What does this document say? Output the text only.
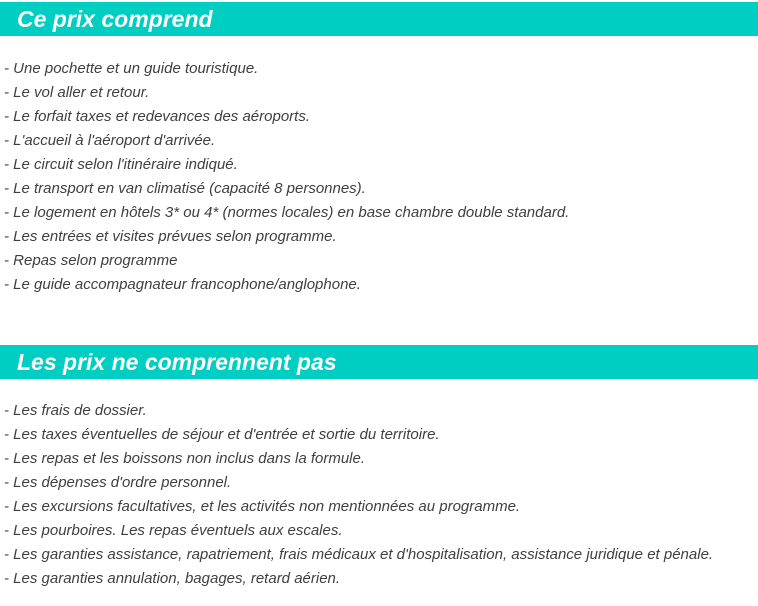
Ce prix comprend
- Une pochette et un guide touristique.
- Le vol aller et retour.
- Le forfait taxes et redevances des aéroports.
- L'accueil à l'aéroport d'arrivée.
- Le circuit selon l'itinéraire indiqué.
- Le transport en van climatisé (capacité 8 personnes).
- Le logement en hôtels 3* ou 4* (normes locales) en base chambre double standard.
- Les entrées et visites prévues selon programme.
- Repas selon programme
- Le guide accompagnateur francophone/anglophone.
Les prix ne comprennent pas
- Les frais de dossier.
- Les taxes éventuelles de séjour et d'entrée et sortie du territoire.
- Les repas et les boissons non inclus dans la formule.
- Les dépenses d'ordre personnel.
- Les excursions facultatives, et les activités non mentionnées au programme.
- Les pourboires. Les repas éventuels aux escales.
- Les garanties assistance, rapatriement, frais médicaux et d'hospitalisation, assistance juridique et pénale.
- Les garanties annulation, bagages, retard aérien.
